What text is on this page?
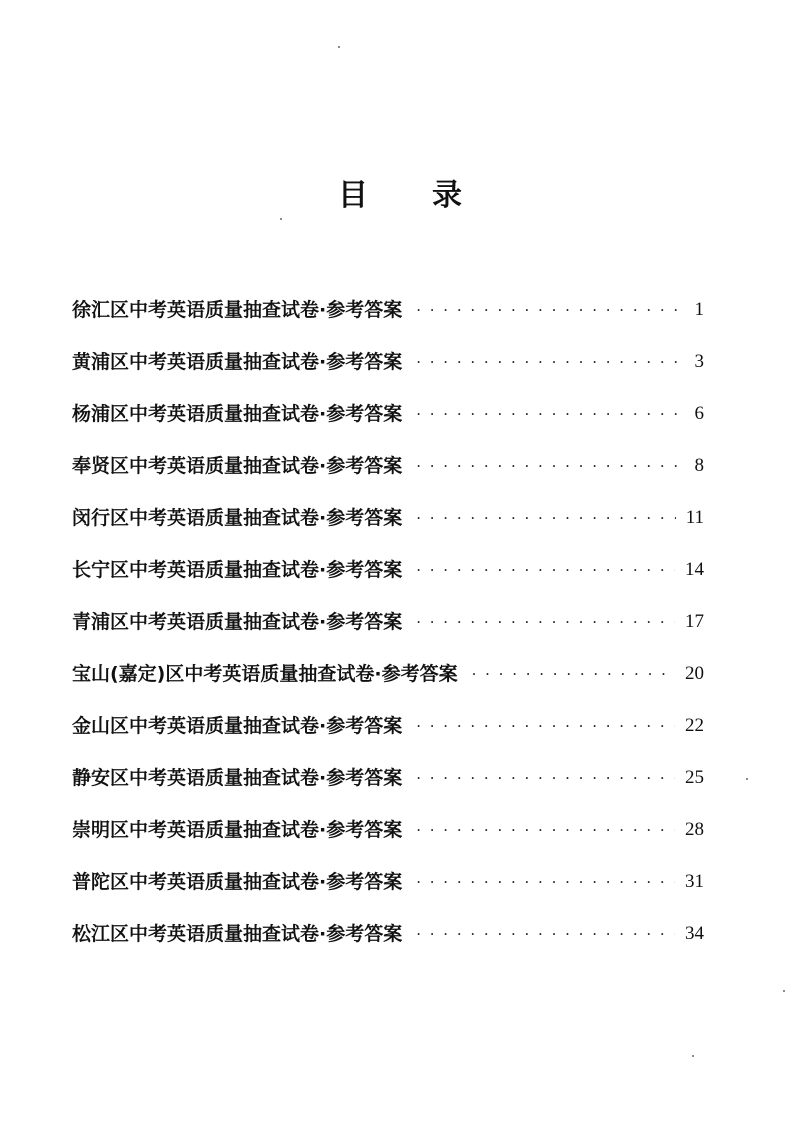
目录
徐汇区中考英语质量抽查试卷·参考答案 · · ·	1
黄浦区中考英语质量抽查试卷·参考答案 · · ·	3
杨浦区中考英语质量抽查试卷·参考答案 · · ·	6
奉贤区中考英语质量抽查试卷·参考答案 · · ·	8
闵行区中考英语质量抽查试卷·参考答案 · · ·	11
长宁区中考英语质量抽查试卷·参考答案 · · ·	14
青浦区中考英语质量抽查试卷·参考答案 · · ·	17
宝山(嘉定)区中考英语质量抽查试卷·参考答案 · · ·	20
金山区中考英语质量抽查试卷·参考答案 · · ·	22
静安区中考英语质量抽查试卷·参考答案 · · ·	25
崇明区中考英语质量抽查试卷·参考答案 · · ·	28
普陀区中考英语质量抽查试卷·参考答案 · · ·	31
松江区中考英语质量抽查试卷·参考答案 · · ·	34
